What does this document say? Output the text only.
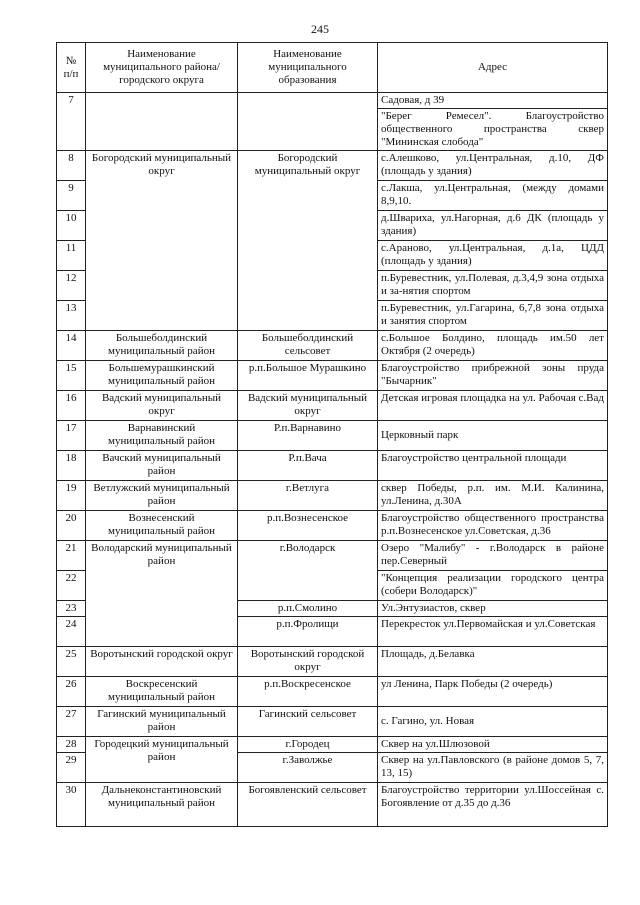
245
№ п/п	Наименование муниципального района/ городского округа	Наименование муниципального образования	Адрес
7			Садовая, д 39
			"Берег Ремесел". Благоустройство общественного пространства сквер "Мининская слобода"
8	Богородский муниципальный округ	Богородский муниципальный округ	с.Алешково, ул.Центральная, д.10, ДФ (площадь у здания)
9			с.Лакша, ул.Центральная, (между домами 8,9,10.
10			д.Швариха, ул.Нагорная, д.6 ДК (площадь у здания)
11			с.Араново, ул.Центральная, д.1а, ЦДД (площадь у здания)
12			п.Буревестник, ул.Полевая, д.3,4,9 зона отдыха и за-нятия спортом
13			п.Буревестник, ул.Гагарина, 6,7,8 зона отдыха и занятия спортом
14	Большеболдинский муниципальный район	Большеболдинский сельсовет	с.Большое Болдино, площадь им.50 лет Октября (2 очередь)
15	Большемурашкинский муниципальный район	р.п.Большое Мурашкино	Благоустройство прибрежной зоны пруда "Бычарник"
16	Вадский муниципальный округ	Вадский муниципальный округ	Детская игровая площадка на ул. Рабочая с.Вад
17	Варнавинский муниципальный район	Р.п.Варнавино	Церковный парк
18	Вачский муниципальный район	Р.п.Вача	Благоустройство центральной площади
19	Ветлужский муниципальный район	г.Ветлуга	сквер Победы, р.п. им. М.И. Калинина, ул.Ленина, д.30А
20	Вознесенский муниципальный район	р.п.Вознесенское	Благоустройство общественного пространства р.п.Вознесенское ул.Советская, д.36
21	Володарский муниципальный район	г.Володарск	Озеро "Малибу" - г.Володарск в районе пер.Северный
22			"Концепция реализации городского центра (собери Володарск)"
23		р.п.Смолино	Ул.Энтузиастов, сквер
24		р.п.Фролищи	Перекресток ул.Первомайская и ул.Советская
25	Воротынский городской округ	Воротынский городской округ	Площадь, д.Белавка
26	Воскресенский муниципальный район	р.п.Воскресенское	ул Ленина, Парк Победы (2 очередь)
27	Гагинский муниципальный район	Гагинский сельсовет	с. Гагино, ул. Новая
28	Городецкий муниципальный район	г.Городец	Сквер на ул.Шлюзовой
29		г.Заволжье	Сквер на ул.Павловского (в районе домов 5, 7, 13, 15)
30	Дальнеконстантиновский муниципальный район	Богоявленский сельсовет	Благоустройство территории ул.Шоссейная с. Богоявление от д.35 до д.36
